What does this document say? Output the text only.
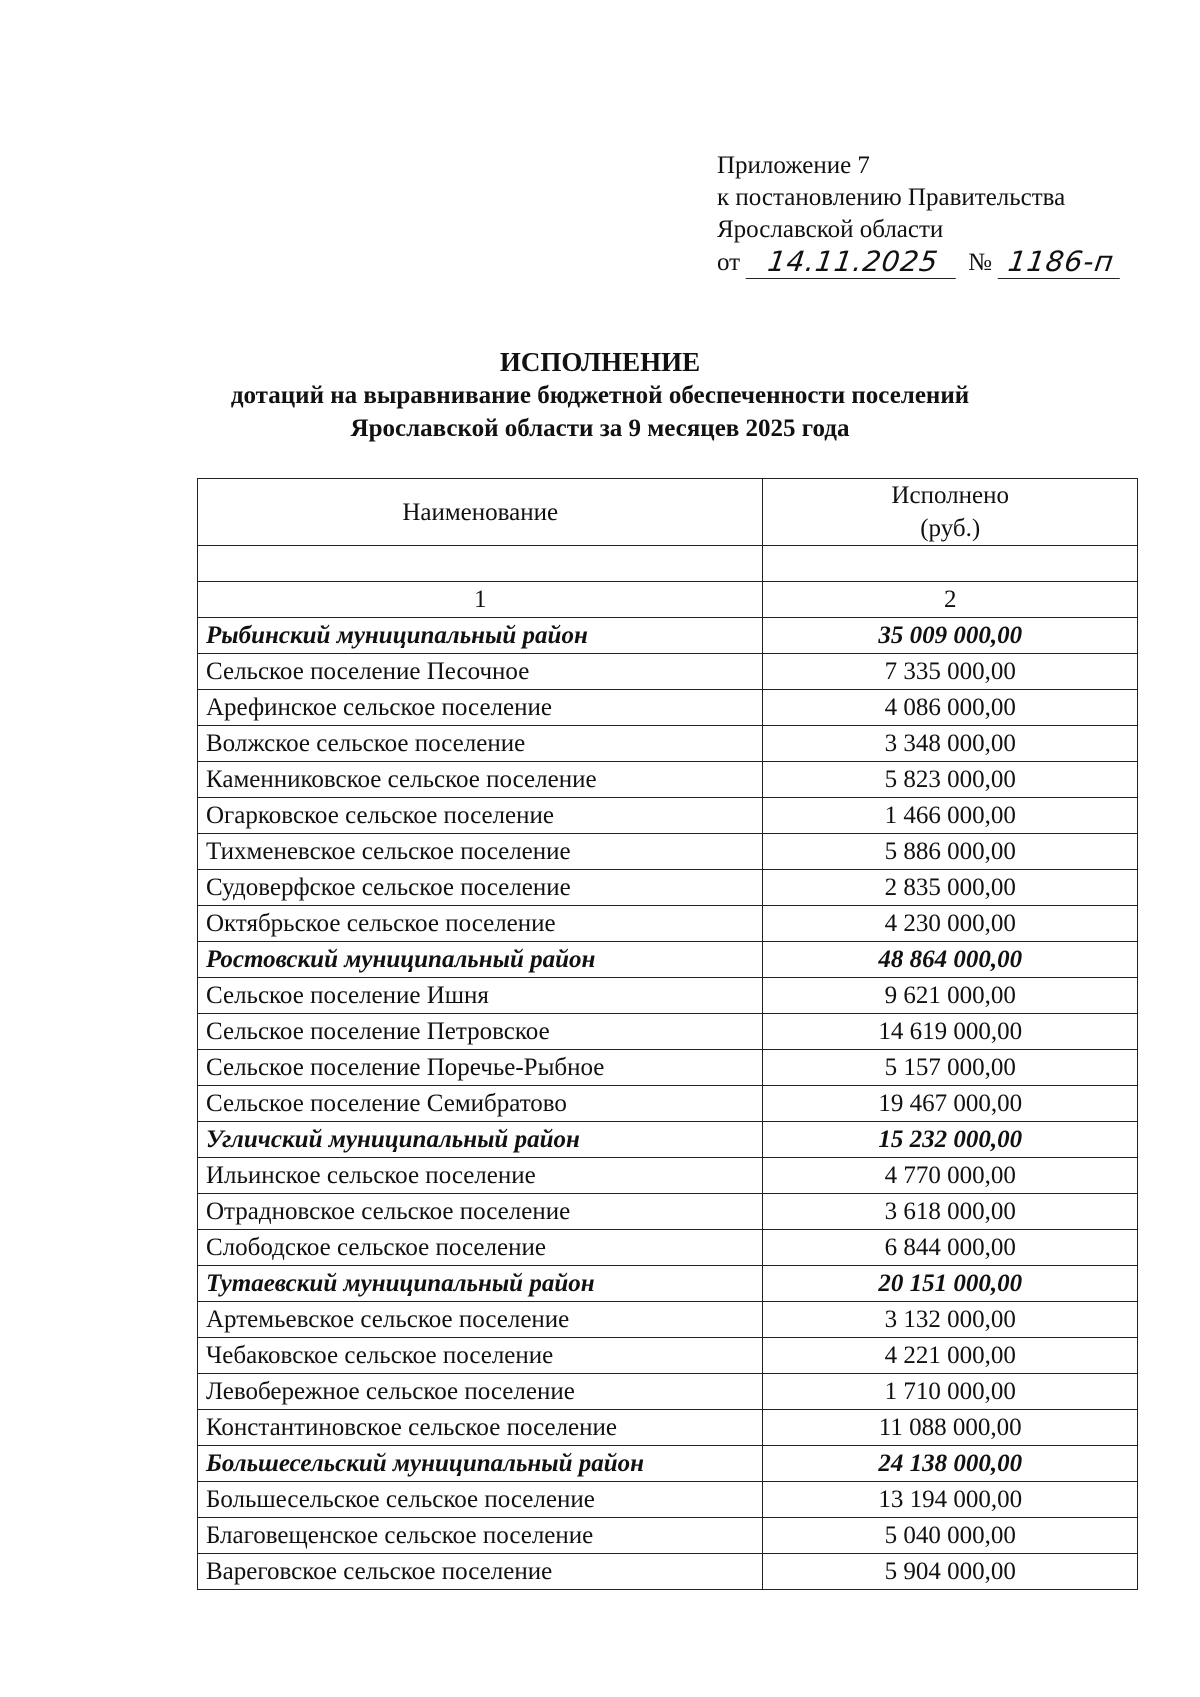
Приложение 7
к постановлению Правительства
Ярославской области
от 14.11.2025	№ 1186-п
ИСПОЛНЕНИЕ
дотаций на выравнивание бюджетной обеспеченности поселений
Ярославской области за 9 месяцев 2025 года
Наименование	Исполнено
(руб.)

1	2
Рыбинский муниципальный район	35 009 000,00
Сельское поселение Песочное	7 335 000,00
Арефинское сельское поселение	4 086 000,00
Волжское сельское поселение	3 348 000,00
Каменниковское сельское поселение	5 823 000,00
Огарковское сельское поселение	1 466 000,00
Тихменевское сельское поселение	5 886 000,00
Судоверфское сельское поселение	2 835 000,00
Октябрьское сельское поселение	4 230 000,00
Ростовский муниципальный район	48 864 000,00
Сельское поселение Ишня	9 621 000,00
Сельское поселение Петровское	14 619 000,00
Сельское поселение Поречье-Рыбное	5 157 000,00
Сельское поселение Семибратово	19 467 000,00
Угличский муниципальный район	15 232 000,00
Ильинское сельское поселение	4 770 000,00
Отрадновское сельское поселение	3 618 000,00
Слободское сельское поселение	6 844 000,00
Тутаевский муниципальный район	20 151 000,00
Артемьевское сельское поселение	3 132 000,00
Чебаковское сельское поселение	4 221 000,00
Левобережное сельское поселение	1 710 000,00
Константиновское сельское поселение	11 088 000,00
Большесельский муниципальный район	24 138 000,00
Большесельское сельское поселение	13 194 000,00
Благовещенское сельское поселение	5 040 000,00
Вареговское сельское поселение	5 904 000,00
